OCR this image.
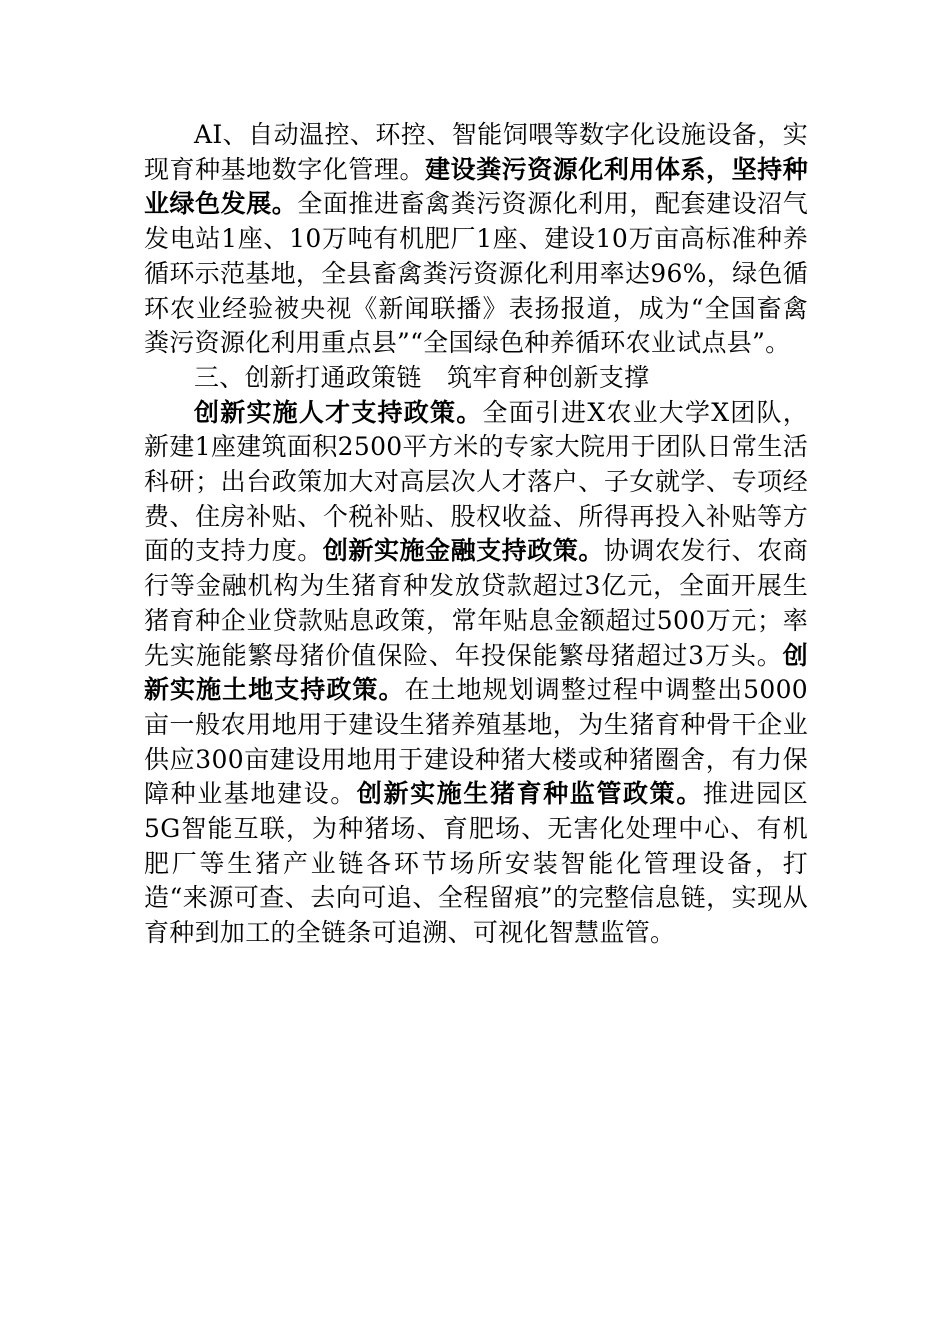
AI、自动温控、环控、智能饲喂等数字化设施设备，实现育种基地数字化管理。建设粪污资源化利用体系，坚持种业绿色发展。全面推进畜禽粪污资源化利用，配套建设沼气发电站1座、10万吨有机肥厂1座、建设10万亩高标准种养循环示范基地，全县畜禽粪污资源化利用率达96%，绿色循环农业经验被央视《新闻联播》表扬报道，成为“全国畜禽粪污资源化利用重点县”“全国绿色种养循环农业试点县”。

三、创新打通政策链　筑牢育种创新支撑

创新实施人才支持政策。全面引进X农业大学X团队，新建1座建筑面积2500平方米的专家大院用于团队日常生活科研；出台政策加大对高层次人才落户、子女就学、专项经费、住房补贴、个税补贴、股权收益、所得再投入补贴等方面的支持力度。创新实施金融支持政策。协调农发行、农商行等金融机构为生猪育种发放贷款超过3亿元，全面开展生猪育种企业贷款贴息政策，常年贴息金额超过500万元；率先实施能繁母猪价值保险、年投保能繁母猪超过3万头。创新实施土地支持政策。在土地规划调整过程中调整出5000亩一般农用地用于建设生猪养殖基地，为生猪育种骨干企业供应300亩建设用地用于建设种猪大楼或种猪圈舍，有力保障种业基地建设。创新实施生猪育种监管政策。推进园区5G智能互联，为种猪场、育肥场、无害化处理中心、有机肥厂等生猪产业链各环节场所安装智能化管理设备，打造“来源可查、去向可追、全程留痕”的完整信息链，实现从育种到加工的全链条可追溯、可视化智慧监管。
